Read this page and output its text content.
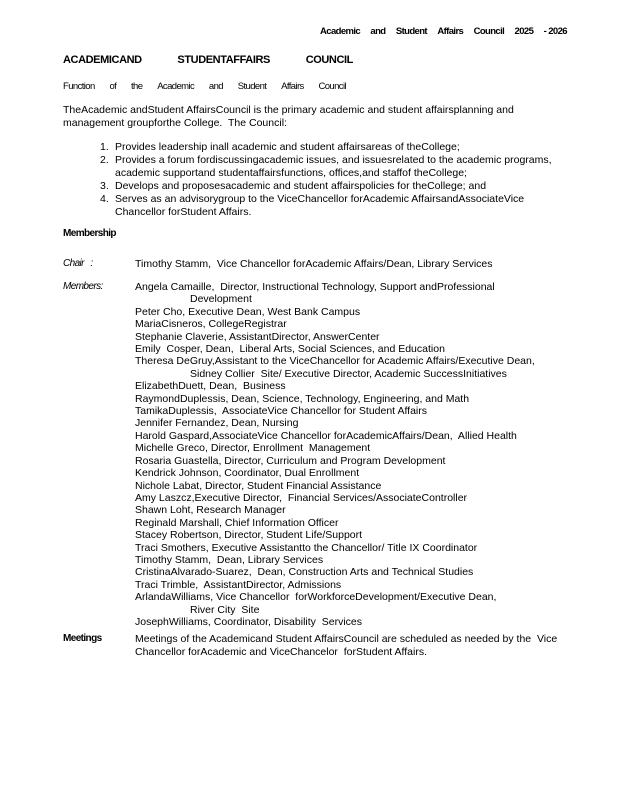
Academic and Student Affairs Council 2025 - 2026
ACADEMICAND	STUDENTAFFAIRS	COUNCIL
Function of the Academic and Student Affairs Council
TheAcademic andStudent AffairsCouncil is the primary academic and student affairsplanning and management groupforthe College.  The Council:
1. Provides leadership inall academic and student affairsareas of theCollege;
2. Provides a forum fordiscussingacademic issues, and issuesrelated to the academic programs,  academic supportand studentaffairsfunctions, offices,and staffof theCollege;
3. Develops and proposesacademic and student affairspolicies for theCollege; and
4. Serves as an advisorygroup to the ViceChancellor forAcademic AffairsandAssociateVice  Chancellor forStudent Affairs.
Membership
Chair   :	Timothy Stamm,  Vice Chancellor forAcademic Affairs/Dean, Library Services
Members:	Angela Camaille,  Director, Instructional Technology, Support andProfessional
Development
Peter Cho, Executive Dean, West Bank Campus
MariaCisneros, CollegeRegistrar
Stephanie Claverie, AssistantDirector, AnswerCenter
Emily  Cosper, Dean,  Liberal Arts, Social Sciences, and Education
Theresa DeGruy,Assistant to the ViceChancellor for Academic Affairs/Executive Dean,
Sidney Collier  Site/ Executive Director, Academic SuccessInitiatives
ElizabethDuett, Dean,  Business
RaymondDuplessis, Dean, Science, Technology, Engineering, and Math
TamikaDuplessis,  AssociateVice Chancellor for Student Affairs
Jennifer Fernandez, Dean, Nursing
Harold Gaspard,AssociateVice Chancellor forAcademicAffairs/Dean,  Allied Health
Michelle Greco, Director, Enrollment  Management
Rosaria Guastella, Director, Curriculum and Program Development
Kendrick Johnson, Coordinator, Dual Enrollment
Nichole Labat, Director, Student Financial Assistance
Amy Laszcz,Executive Director,  Financial Services/AssociateController
Shawn Loht, Research Manager
Reginald Marshall, Chief Information Officer
Stacey Robertson, Director, Student Life/Support
Traci Smothers, Executive Assistantto the Chancellor/ Title IX Coordinator
Timothy Stamm,  Dean, Library Services
CristinaAlvarado-Suarez,  Dean, Construction Arts and Technical Studies
Traci Trimble,  AssistantDirector, Admissions
ArlandaWilliams, Vice Chancellor  forWorkforceDevelopment/Executive Dean,
River City  Site
JosephWilliams, Coordinator, Disability  Services
Meetings	Meetings of the Academicand Student AffairsCouncil are scheduled as needed by the  Vice Chancellor forAcademic and ViceChancelor  forStudent Affairs.
